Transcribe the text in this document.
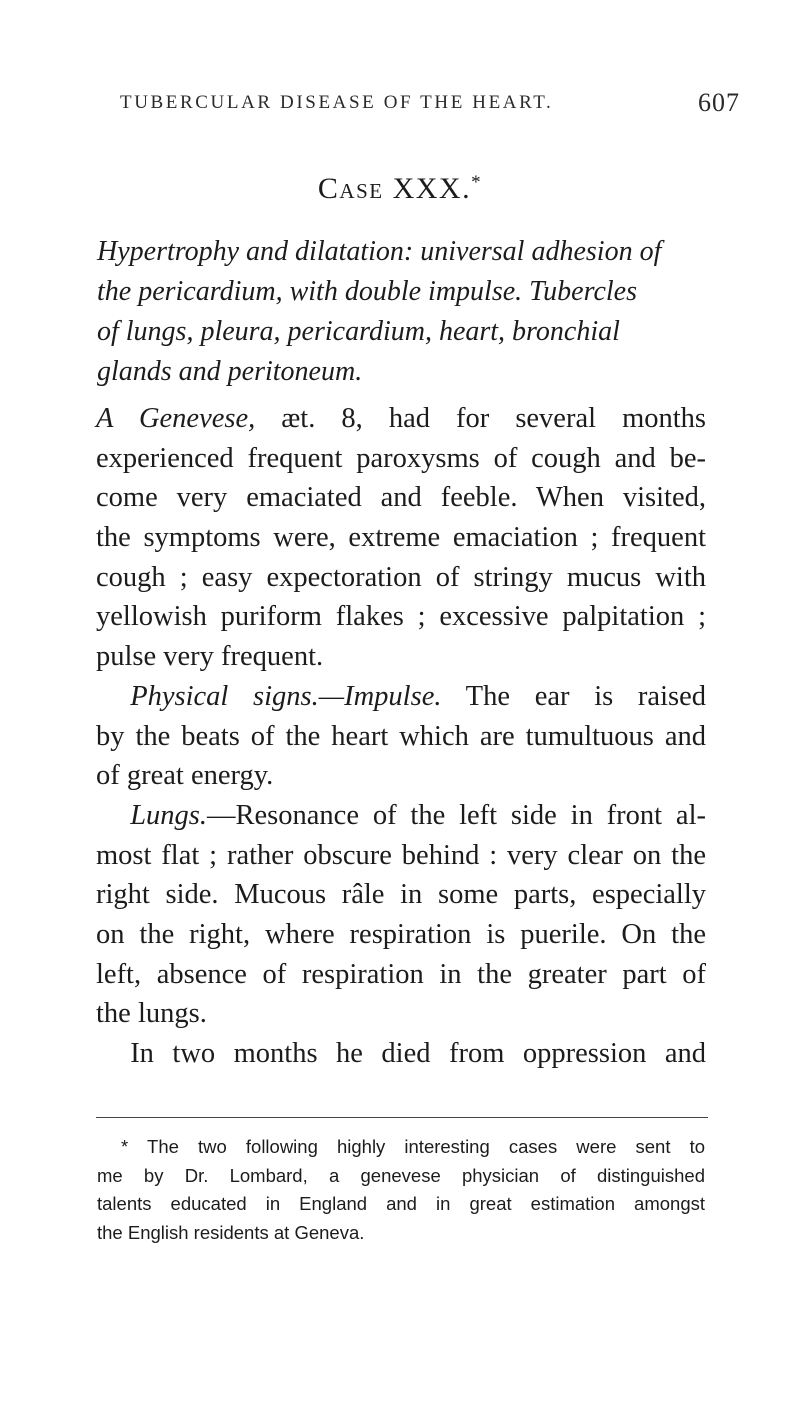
TUBERCULAR DISEASE OF THE HEART.	607
Case XXX.*
Hypertrophy and dilatation: universal adhesion of
the pericardium, with double impulse. Tubercles
of lungs, pleura, pericardium, heart, bronchial
glands and peritoneum.
A Genevese, æt. 8, had for several months
experienced frequent paroxysms of cough and be-
come very emaciated and feeble. When visited,
the symptoms were, extreme emaciation ; frequent
cough ; easy expectoration of stringy mucus with
yellowish puriform flakes ; excessive palpitation ;
pulse very frequent.
Physical signs.—Impulse. The ear is raised
by the beats of the heart which are tumultuous and
of great energy.
Lungs.—Resonance of the left side in front al-
most flat ; rather obscure behind : very clear on the
right side. Mucous râle in some parts, especially
on the right, where respiration is puerile. On the
left, absence of respiration in the greater part of
the lungs.
In two months he died from oppression and
* The two following highly interesting cases were sent to
me by Dr. Lombard, a genevese physician of distinguished
talents educated in England and in great estimation amongst
the English residents at Geneva.
